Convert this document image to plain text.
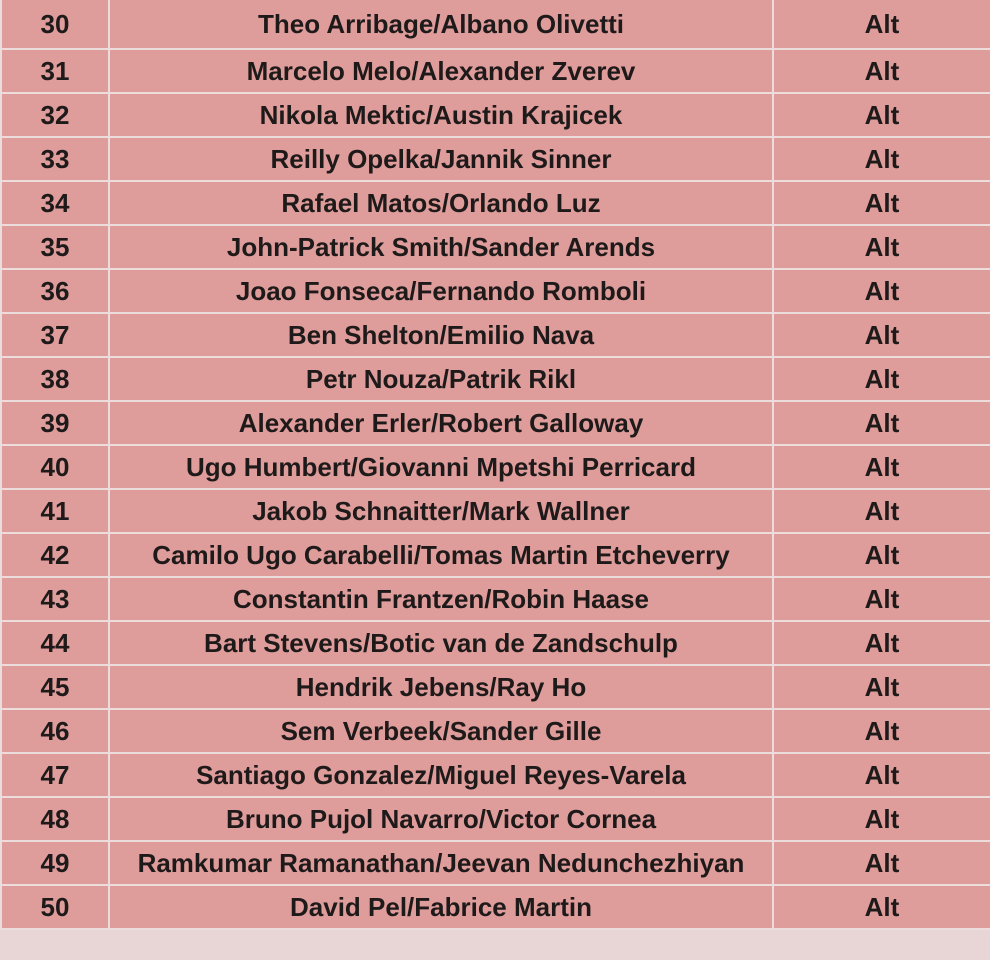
30	Theo Arribage/Albano Olivetti	Alt
31	Marcelo Melo/Alexander Zverev	Alt
32	Nikola Mektic/Austin Krajicek	Alt
33	Reilly Opelka/Jannik Sinner	Alt
34	Rafael Matos/Orlando Luz	Alt
35	John-Patrick Smith/Sander Arends	Alt
36	Joao Fonseca/Fernando Romboli	Alt
37	Ben Shelton/Emilio Nava	Alt
38	Petr Nouza/Patrik Rikl	Alt
39	Alexander Erler/Robert Galloway	Alt
40	Ugo Humbert/Giovanni Mpetshi Perricard	Alt
41	Jakob Schnaitter/Mark Wallner	Alt
42	Camilo Ugo Carabelli/Tomas Martin Etcheverry	Alt
43	Constantin Frantzen/Robin Haase	Alt
44	Bart Stevens/Botic van de Zandschulp	Alt
45	Hendrik Jebens/Ray Ho	Alt
46	Sem Verbeek/Sander Gille	Alt
47	Santiago Gonzalez/Miguel Reyes-Varela	Alt
48	Bruno Pujol Navarro/Victor Cornea	Alt
49	Ramkumar Ramanathan/Jeevan Nedunchezhiyan	Alt
50	David Pel/Fabrice Martin	Alt
